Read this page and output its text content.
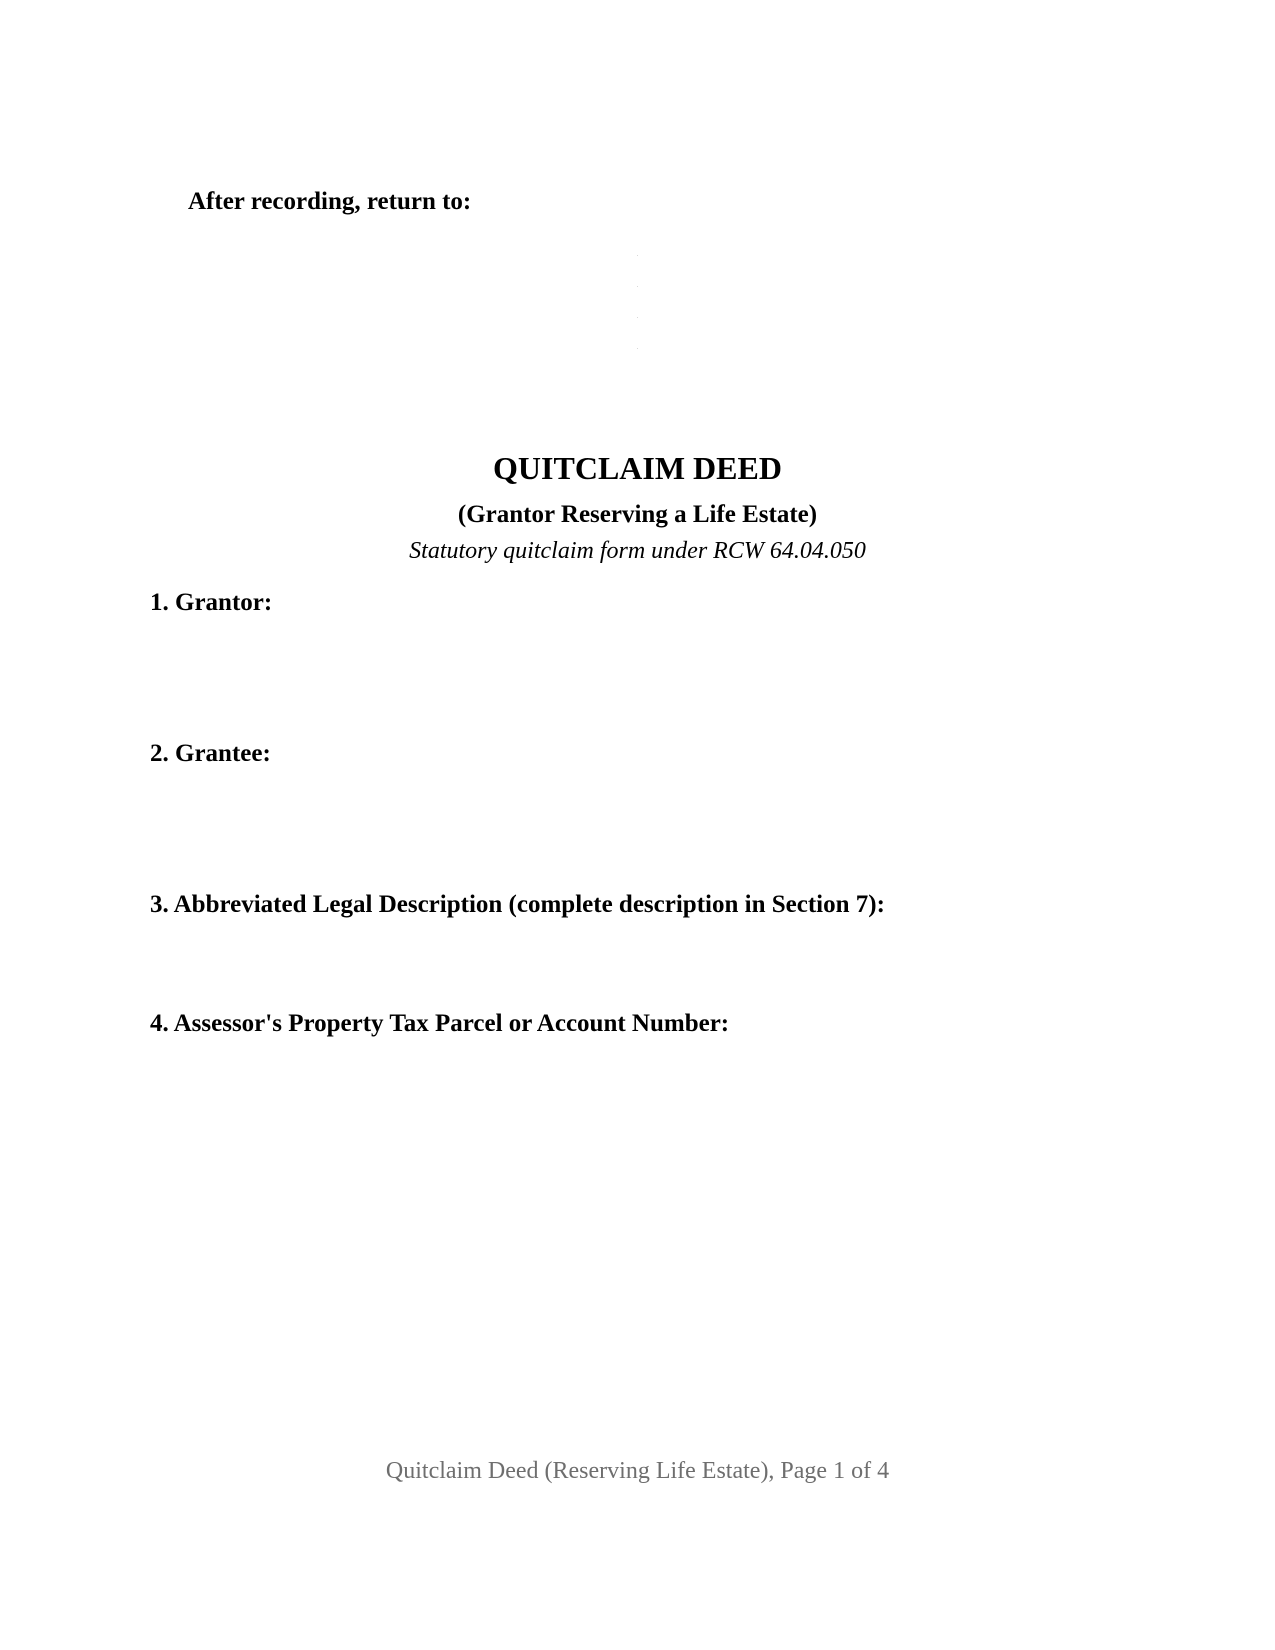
After recording, return to:
QUITCLAIM DEED
(Grantor Reserving a Life Estate)
Statutory quitclaim form under RCW 64.04.050
1. Grantor:
2. Grantee:
3. Abbreviated Legal Description (complete description in Section 7):
4. Assessor's Property Tax Parcel or Account Number:
Quitclaim Deed (Reserving Life Estate), Page 1 of 4
